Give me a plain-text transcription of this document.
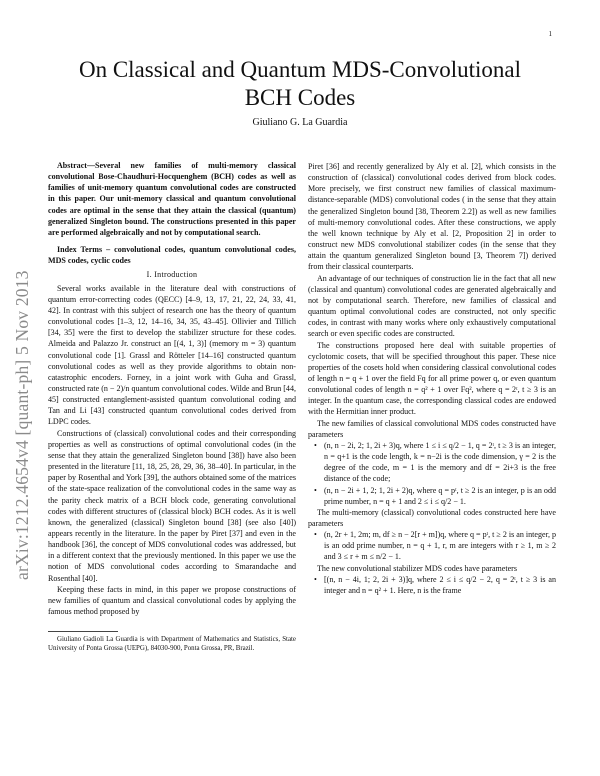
1
arXiv:1212.4654v4 [quant-ph] 5 Nov 2013
On Classical and Quantum MDS-Convolutional BCH Codes
Giuliano G. La Guardia

Abstract—Several new families of multi-memory classical convolutional Bose-Chaudhuri-Hocquenghem (BCH) codes as well as families of unit-memory quantum convolutional codes are constructed in this paper. Our unit-memory classical and quantum convolutional codes are optimal in the sense that they attain the classical (quantum) generalized Singleton bound. The constructions presented in this paper are performed algebraically and not by computational search.

Index Terms – convolutional codes, quantum convolutional codes, MDS codes, cyclic codes

I. Introduction

Several works available in the literature deal with constructions of quantum error-correcting codes (QECC) [4–9, 13, 17, 21, 22, 24, 33, 41, 42]. In contrast with this subject of research one has the theory of quantum convolutional codes [1–3, 12, 14–16, 34, 35, 43–45]. Ollivier and Tillich [34, 35] were the first to develop the stabilizer structure for these codes. Almeida and Palazzo Jr. construct an [(4, 1, 3)] (memory m = 3) quantum convolutional code [1]. Grassl and Rötteler [14–16] constructed quantum convolutional codes as well as they provide algorithms to obtain non-catastrophic encoders. Forney, in a joint work with Guha and Grassl, constructed rate (n − 2)/n quantum convolutional codes. Wilde and Brun [44, 45] constructed entanglement-assisted quantum convolutional coding and Tan and Li [43] constructed quantum convolutional codes derived from LDPC codes.

Constructions of (classical) convolutional codes and their corresponding properties as well as constructions of optimal convolutional codes (in the sense that they attain the generalized Singleton bound [38]) have also been presented in the literature [11, 18, 25, 28, 29, 36, 38–40]. In particular, in the paper by Rosenthal and York [39], the authors obtained some of the matrices of the state-space realization of the convolutional codes in the same way as the parity check matrix of a BCH block code, generating convolutional codes with different structures of (classical block) BCH codes. As it is well known, the generalized (classical) Singleton bound [38] (see also [40]) appears recently in the literature. In the paper by Piret [37] and even in the handbook [36], the concept of MDS convolutional codes was addressed, but in a different context that the previously mentioned. In this paper we use the notion of MDS convolutional codes according to Smarandache and Rosenthal [40].

Keeping these facts in mind, in this paper we propose constructions of new families of quantum and classical convolutional codes by applying the famous method proposed by

Giuliano Gadioli La Guardia is with Department of Mathematics and Statistics, State University of Ponta Grossa (UEPG), 84030-900, Ponta Grossa, PR, Brazil.

Piret [36] and recently generalized by Aly et al. [2], which consists in the construction of (classical) convolutional codes derived from block codes. More precisely, we first construct new families of classical maximum-distance-separable (MDS) convolutional codes ( in the sense that they attain the generalized Singleton bound [38, Theorem 2.2]) as well as new families of multi-memory convolutional codes. After these constructions, we apply the well known technique by Aly et al. [2, Proposition 2] in order to construct new MDS convolutional stabilizer codes (in the sense that they attain the quantum generalized Singleton bound [3, Theorem 7]) derived from their classical counterparts.

An advantage of our techniques of construction lie in the fact that all new (classical and quantum) convolutional codes are generated algebraically and not by computational search. Therefore, new families of classical and quantum optimal convolutional codes are constructed, not only specific codes, in contrast with many works where only exhaustively computational search or even specific codes are constructed.

The constructions proposed here deal with suitable properties of cyclotomic cosets, that will be specified throughout this paper. These nice properties of the cosets hold when considering classical convolutional codes of length n = q + 1 over the field Fq for all prime power q, or even quantum convolutional codes of length n = q² + 1 over Fq², where q = 2ᵗ, t ≥ 3 is an integer. In the quantum case, the corresponding classical codes are endowed with the Hermitian inner product.

The new families of classical convolutional MDS codes constructed have parameters

• (n, n − 2i, 2; 1, 2i + 3)q, where 1 ≤ i ≤ q/2 − 1, q = 2ᵗ, t ≥ 3 is an integer, n = q+1 is the code length, k = n−2i is the code dimension, γ = 2 is the degree of the code, m = 1 is the memory and df = 2i+3 is the free distance of the code;
• (n, n − 2i + 1, 2; 1, 2i + 2)q, where q = pᵗ, t ≥ 2 is an integer, p is an odd prime number, n = q + 1 and 2 ≤ i ≤ q/2 − 1.

The multi-memory (classical) convolutional codes constructed here have parameters

• (n, 2r + 1, 2m; m, df ≥ n − 2[r + m])q, where q = pᵗ, t ≥ 2 is an integer, p is an odd prime number, n = q + 1, r, m are integers with r ≥ 1, m ≥ 2 and 3 ≤ r + m ≤ n/2 − 1.

The new convolutional stabilizer MDS codes have parameters

• [(n, n − 4i, 1; 2, 2i + 3)]q, where 2 ≤ i ≤ q/2 − 2, q = 2ᵗ, t ≥ 3 is an integer and n = q² + 1. Here, n is the frame
